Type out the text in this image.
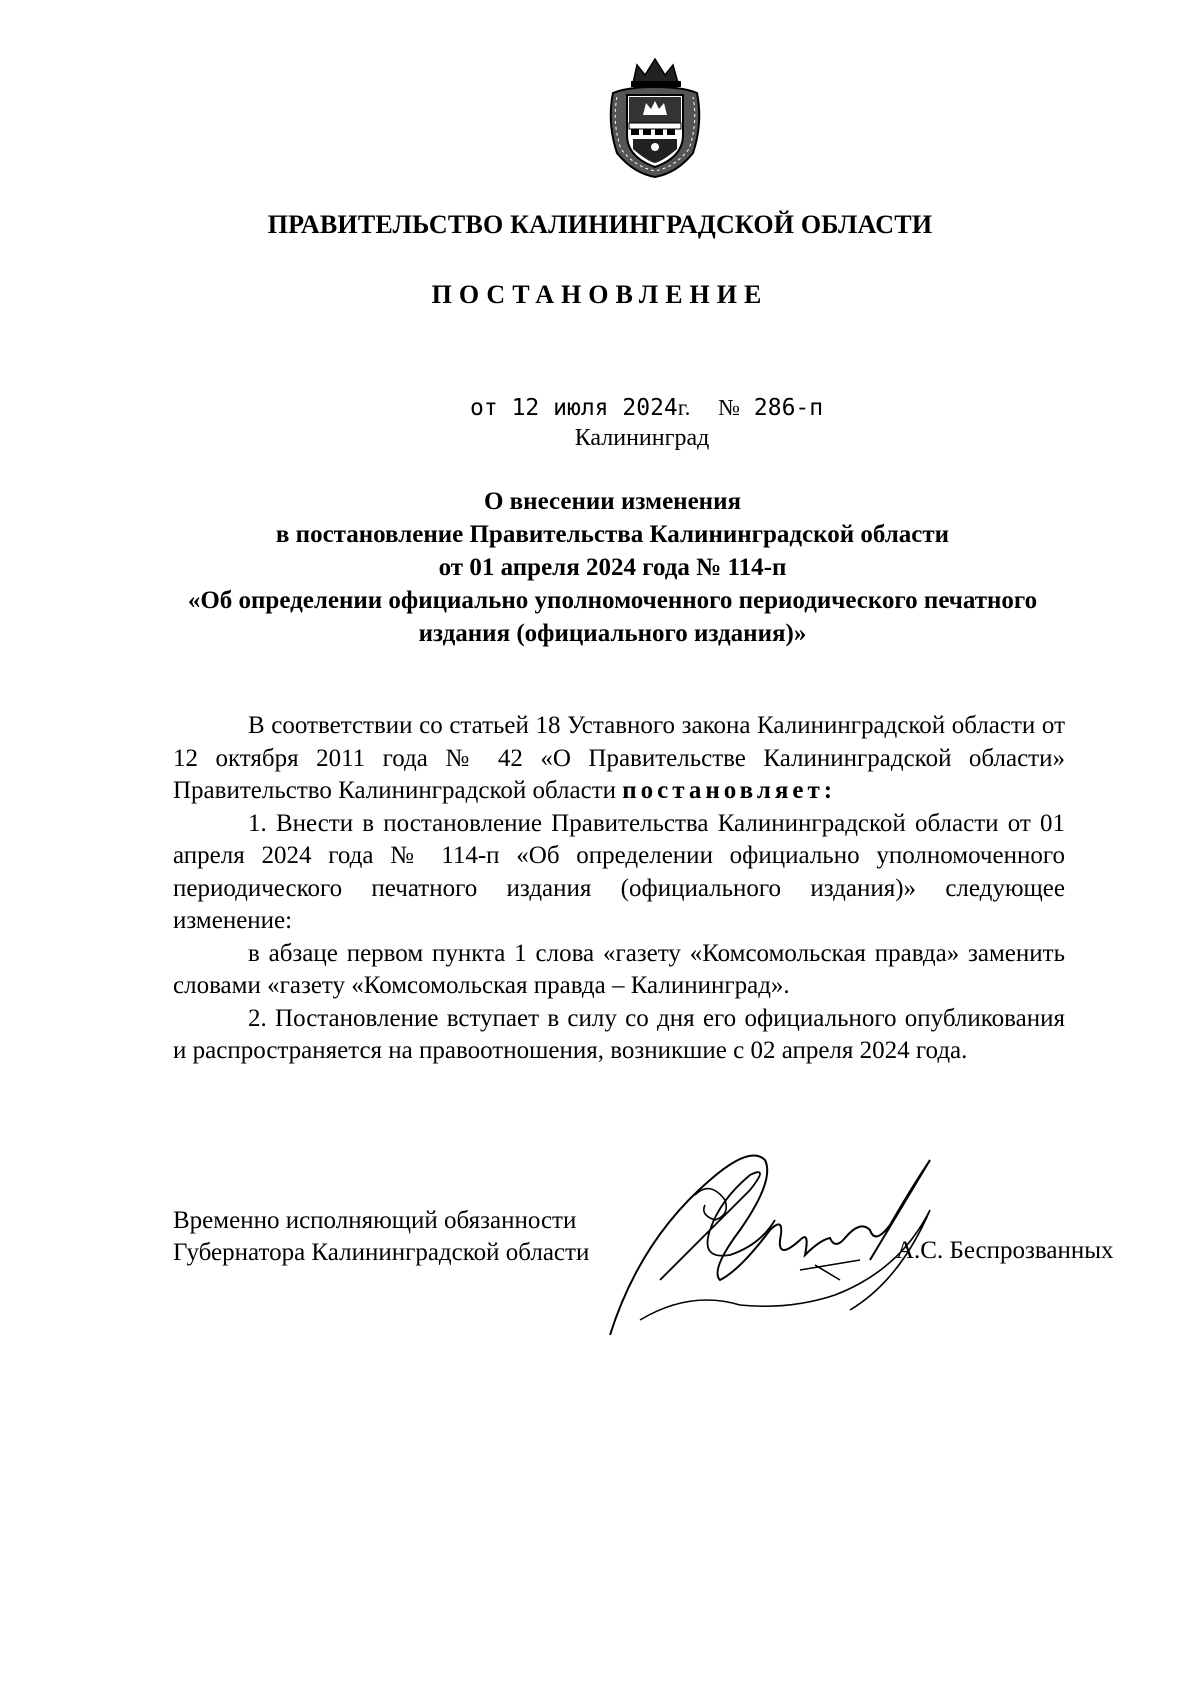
ПРАВИТЕЛЬСТВО КАЛИНИНГРАДСКОЙ ОБЛАСТИ
ПОСТАНОВЛЕНИЕ
от 12 июля 2024г. № 286-п
Калининград
О внесении изменения
в постановление Правительства Калининградской области
от 01 апреля 2024 года № 114-п
«Об определении официально уполномоченного периодического печатного
издания (официального издания)»

В соответствии со статьей 18 Уставного закона Калининградской области от 12 октября 2011 года № 42 «О Правительстве Калининградской области» Правительство Калининградской области постановляет:

1. Внести в постановление Правительства Калининградской области от 01 апреля 2024 года № 114-п «Об определении официально уполномоченного периодического печатного издания (официального издания)» следующее изменение:

в абзаце первом пункта 1 слова «газету «Комсомольская правда» заменить словами «газету «Комсомольская правда – Калининград».

2. Постановление вступает в силу со дня его официального опубликования и распространяется на правоотношения, возникшие с 02 апреля 2024 года.

Временно исполняющий обязанности
Губернатора Калининградской области	А.С. Беспрозванных
